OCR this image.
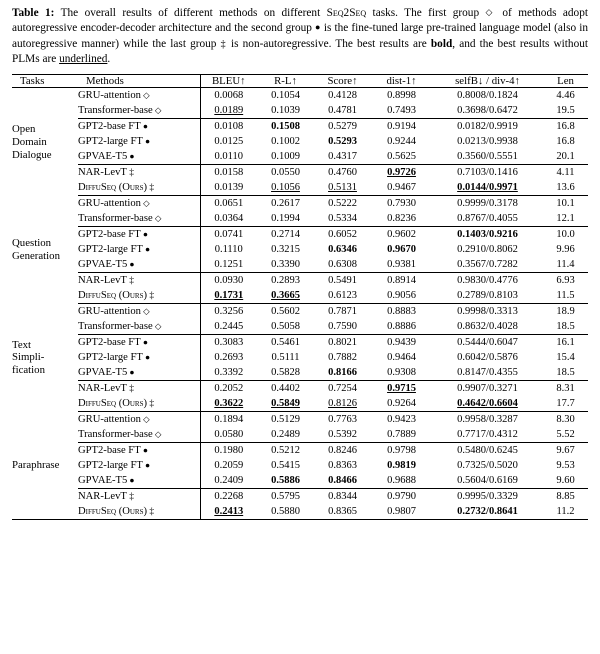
Table 1: The overall results of different methods on different Seq2Seq tasks. The first group ◇ of methods adopt autoregressive encoder-decoder architecture and the second group ● is the fine-tuned large pre-trained language model (also in autoregressive manner) while the last group ‡ is non-autoregressive. The best results are bold, and the best results without PLMs are underlined.

Tasks	Methods	BLEU↑	R-L↑	Score↑	dist-1↑	selfB↓ / div-4↑	Len

Open
Domain
Dialogue	GRU-attention ◇	0.0068	0.1054	0.4128	0.8998	0.8008/0.1824	4.46
	Transformer-base ◇	0.0189	0.1039	0.4781	0.7493	0.3698/0.6472	19.5
	GPT2-base FT ●	0.0108	0.1508	0.5279	0.9194	0.0182/0.9919	16.8
	GPT2-large FT ●	0.0125	0.1002	0.5293	0.9244	0.0213/0.9938	16.8
	GPVAE-T5 ●	0.0110	0.1009	0.4317	0.5625	0.3560/0.5551	20.1
	NAR-LevT ‡	0.0158	0.0550	0.4760	0.9726	0.7103/0.1416	4.11
	DiffuSeq (Ours) ‡	0.0139	0.1056	0.5131	0.9467	0.0144/0.9971	13.6

Question
Generation	GRU-attention ◇	0.0651	0.2617	0.5222	0.7930	0.9999/0.3178	10.1
	Transformer-base ◇	0.0364	0.1994	0.5334	0.8236	0.8767/0.4055	12.1
	GPT2-base FT ●	0.0741	0.2714	0.6052	0.9602	0.1403/0.9216	10.0
	GPT2-large FT ●	0.1110	0.3215	0.6346	0.9670	0.2910/0.8062	9.96
	GPVAE-T5 ●	0.1251	0.3390	0.6308	0.9381	0.3567/0.7282	11.4
	NAR-LevT ‡	0.0930	0.2893	0.5491	0.8914	0.9830/0.4776	6.93
	DiffuSeq (Ours) ‡	0.1731	0.3665	0.6123	0.9056	0.2789/0.8103	11.5

Text
Simpli-
fication	GRU-attention ◇	0.3256	0.5602	0.7871	0.8883	0.9998/0.3313	18.9
	Transformer-base ◇	0.2445	0.5058	0.7590	0.8886	0.8632/0.4028	18.5
	GPT2-base FT ●	0.3083	0.5461	0.8021	0.9439	0.5444/0.6047	16.1
	GPT2-large FT ●	0.2693	0.5111	0.7882	0.9464	0.6042/0.5876	15.4
	GPVAE-T5 ●	0.3392	0.5828	0.8166	0.9308	0.8147/0.4355	18.5
	NAR-LevT ‡	0.2052	0.4402	0.7254	0.9715	0.9907/0.3271	8.31
	DiffuSeq (Ours) ‡	0.3622	0.5849	0.8126	0.9264	0.4642/0.6604	17.7

Paraphrase	GRU-attention ◇	0.1894	0.5129	0.7763	0.9423	0.9958/0.3287	8.30
	Transformer-base ◇	0.0580	0.2489	0.5392	0.7889	0.7717/0.4312	5.52
	GPT2-base FT ●	0.1980	0.5212	0.8246	0.9798	0.5480/0.6245	9.67
	GPT2-large FT ●	0.2059	0.5415	0.8363	0.9819	0.7325/0.5020	9.53
	GPVAE-T5 ●	0.2409	0.5886	0.8466	0.9688	0.5604/0.6169	9.60
	NAR-LevT ‡	0.2268	0.5795	0.8344	0.9790	0.9995/0.3329	8.85
	DiffuSeq (Ours) ‡	0.2413	0.5880	0.8365	0.9807	0.2732/0.8641	11.2
